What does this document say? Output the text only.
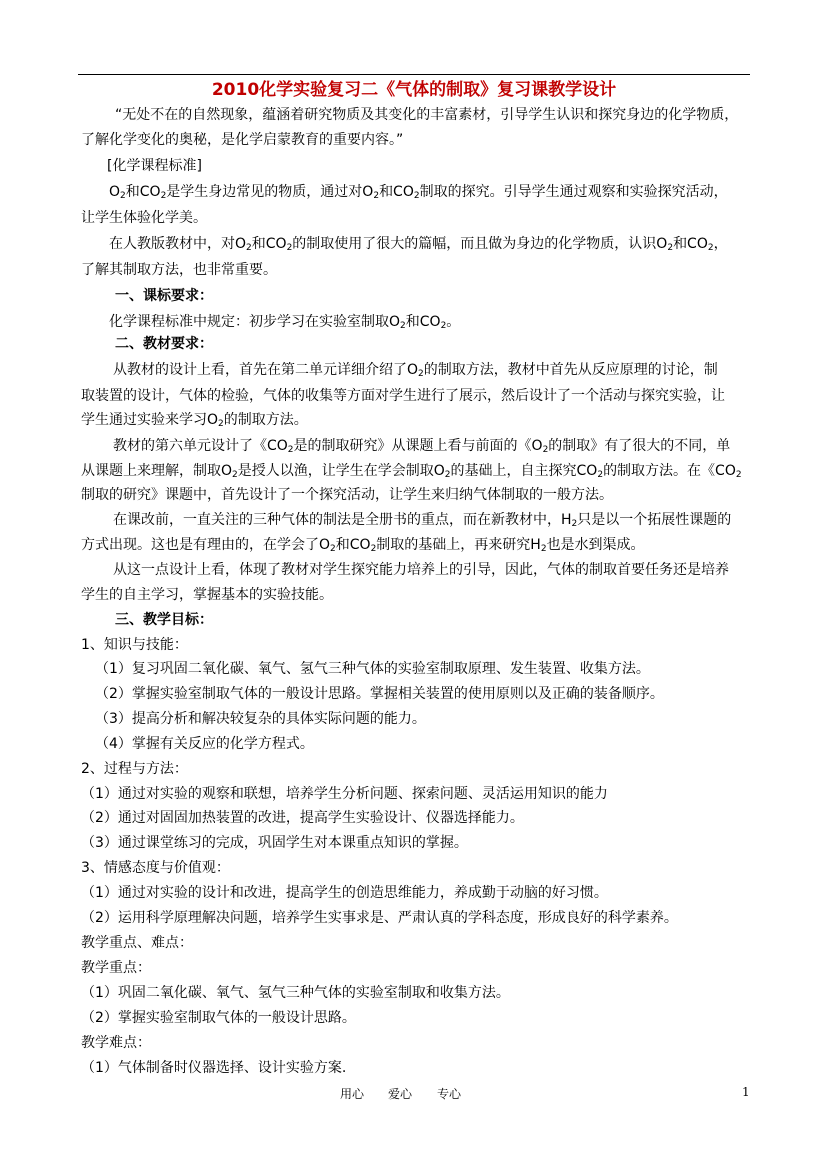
2010化学实验复习二《气体的制取》复习课教学设计
“无处不在的自然现象，蕴涵着研究物质及其变化的丰富素材，引导学生认识和探究身边的化学物质，
了解化学变化的奥秘，是化学启蒙教育的重要内容。”
[化学课程标准]
$O_2$和$CO_2$是学生身边常见的物质，通过对$O_2$和$CO_2$制取的探究。引导学生通过观察和实验探究活动，
让学生体验化学美。
在人教版教材中，对$O_2$和$CO_2$的制取使用了很大的篇幅，而且做为身边的化学物质，认识$O_2$和$CO_2$，
了解其制取方法，也非常重要。
一、课标要求：
化学课程标准中规定：初步学习在实验室制取$O_2$和$CO_2$。
二、教材要求：
从教材的设计上看，首先在第二单元详细介绍了$O_2$的制取方法，教材中首先从反应原理的讨论，制
取装置的设计，气体的检验，气体的收集等方面对学生进行了展示，然后设计了一个活动与探究实验，让
学生通过实验来学习$O_2$的制取方法。
教材的第六单元设计了《$CO_2$是的制取研究》从课题上看与前面的《$O_2$的制取》有了很大的不同，单
从课题上来理解，制取$O_2$是授人以渔，让学生在学会制取$O_2$的基础上，自主探究$CO_2$的制取方法。在《$CO_2$
制取的研究》课题中，首先设计了一个探究活动，让学生来归纳气体制取的一般方法。
在课改前，一直关注的三种气体的制法是全册书的重点，而在新教材中，$H_2$只是以一个拓展性课题的
方式出现。这也是有理由的，在学会了$O_2$和$CO_2$制取的基础上，再来研究$H_2$也是水到渠成。
从这一点设计上看，体现了教材对学生探究能力培养上的引导，因此，气体的制取首要任务还是培养
学生的自主学习，掌握基本的实验技能。
三、教学目标：
1、知识与技能：
（1）复习巩固二氧化碳、氧气、氢气三种气体的实验室制取原理、发生装置、收集方法。
（2）掌握实验室制取气体的一般设计思路。掌握相关装置的使用原则以及正确的装备顺序。
（3）提高分析和解决较复杂的具体实际问题的能力。
（4）掌握有关反应的化学方程式。
2、过程与方法：
（1）通过对实验的观察和联想，培养学生分析问题、探索问题、灵活运用知识的能力
（2）通过对固固加热装置的改进，提高学生实验设计、仪器选择能力。
（3）通过课堂练习的完成，巩固学生对本课重点知识的掌握。
3、情感态度与价值观：
（1）通过对实验的设计和改进，提高学生的创造思维能力，养成勤于动脑的好习惯。
（2）运用科学原理解决问题，培养学生实事求是、严肃认真的学科态度，形成良好的科学素养。
教学重点、难点：
教学重点：
（1）巩固二氧化碳、氧气、氢气三种气体的实验室制取和收集方法。
（2）掌握实验室制取气体的一般设计思路。
教学难点：
（1）气体制备时仪器选择、设计实验方案.
用心 爱心 专心	1
